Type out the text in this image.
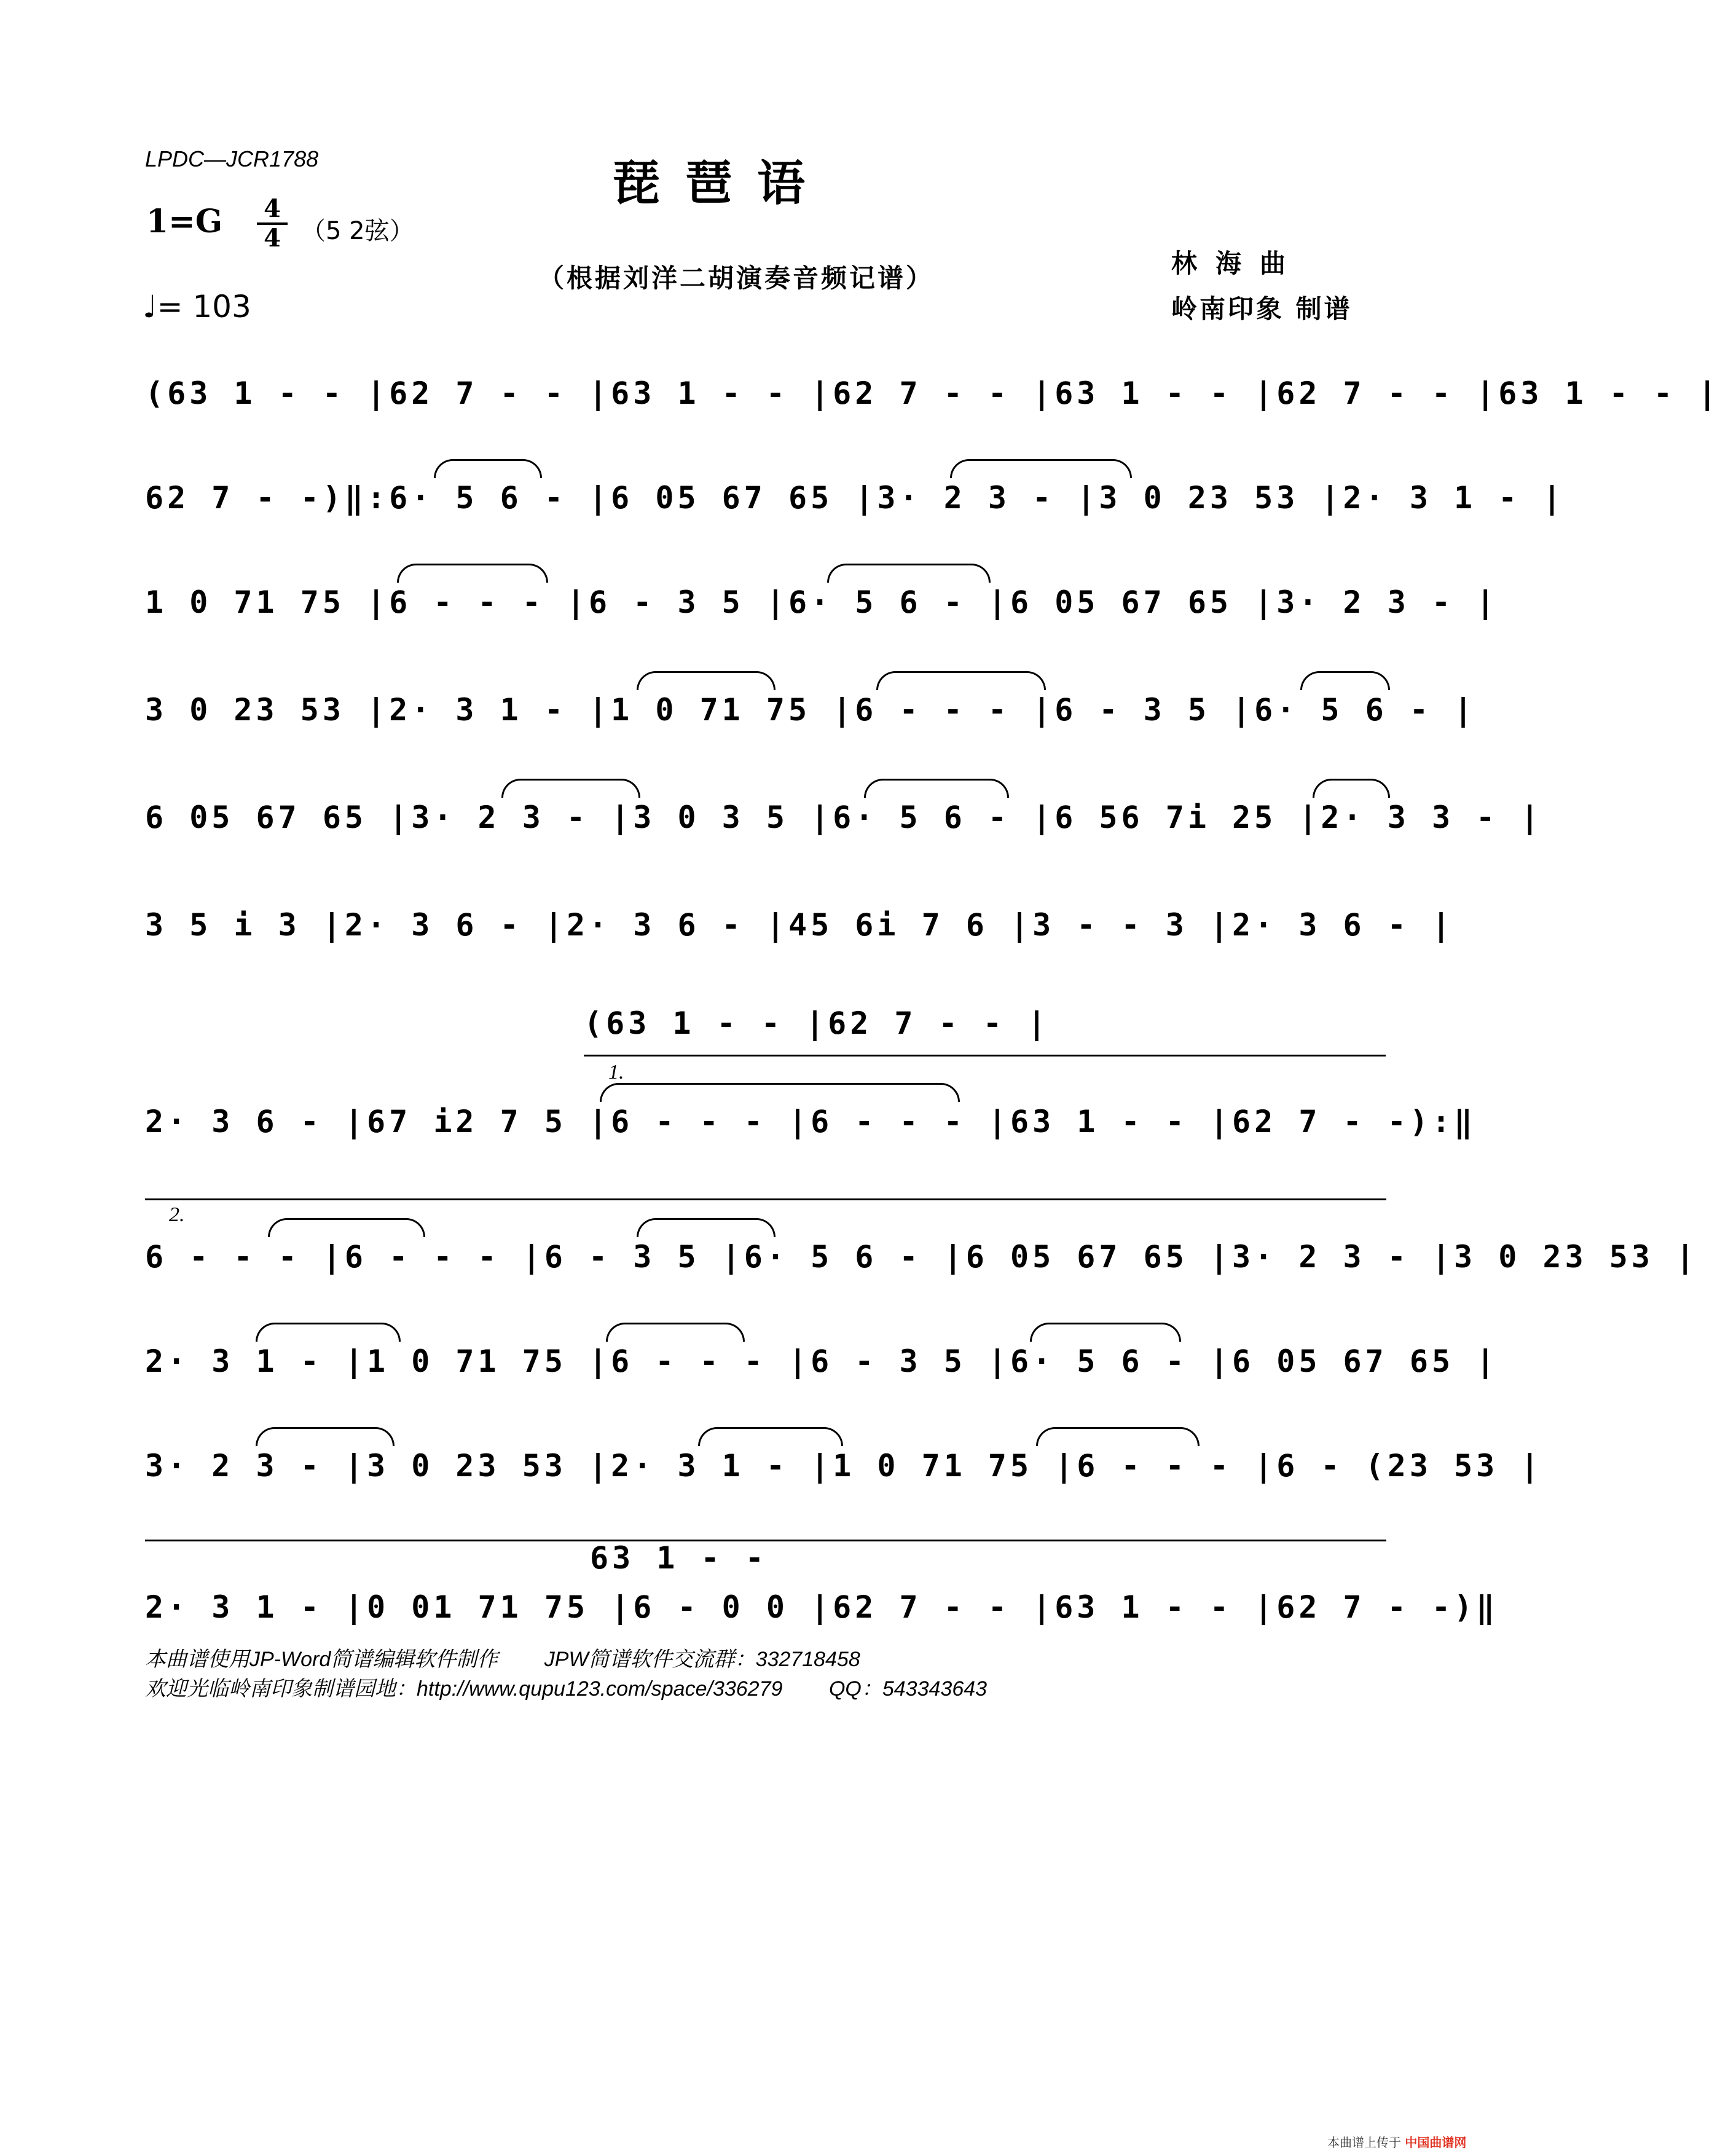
LPDC—JCR1788	琵琶语
1=G 4
4 （5 2弦）
♩= 103
（根据刘洋二胡演奏音频记谱）	林海曲
岭南印象 制谱
(63 1 - - |62 7 - - |63 1 - - |62 7 - - |63 1 - - |62 7 - - |63 1 - - |
62 7 - -)‖:6· 5 6 - |6 05 67 65 |3· 2 3 - |3 0 23 53 |2· 3 1 - |
1 0 71 75 |6 - - - |6 - 3 5 |6· 5 6 - |6 05 67 65 |3· 2 3 - |
3 0 23 53 |2· 3 1 - |1 0 71 75 |6 - - - |6 - 3 5 |6· 5 6 - |
6 05 67 65 |3· 2 3 - |3 0 3 5 |6· 5 6 - |6 56 7i 25 |2· 3 3 - |
3 5 i 3 |2· 3 6 - |2· 3 6 - |45 6i 7 6 |3 - - 3 |2· 3 6 - |
(63 1 - - |62 7 - - |
1.
2· 3 6 - |67 i2 7 5 |6 - - - |6 - - - |63 1 - - |62 7 - -):‖
2.
6 - - - |6 - - - |6 - 3 5 |6· 5 6 - |6 05 67 65 |3· 2 3 - |3 0 23 53 |
2· 3 1 - |1 0 71 75 |6 - - - |6 - 3 5 |6· 5 6 - |6 05 67 65 |
3· 2 3 - |3 0 23 53 |2· 3 1 - |1 0 71 75 |6 - - - |6 - (23 53 |
63 1 - -
2· 3 1 - |0 01 71 75 |6 - 0 0 |62 7 - - |63 1 - - |62 7 - -)‖
本曲谱使用JP-Word简谱编辑软件制作        JPW简谱软件交流群：332718458
欢迎光临岭南印象制谱园地：http://www.qupu123.com/space/336279        QQ：543343643
本曲谱上传于 中国曲谱网
